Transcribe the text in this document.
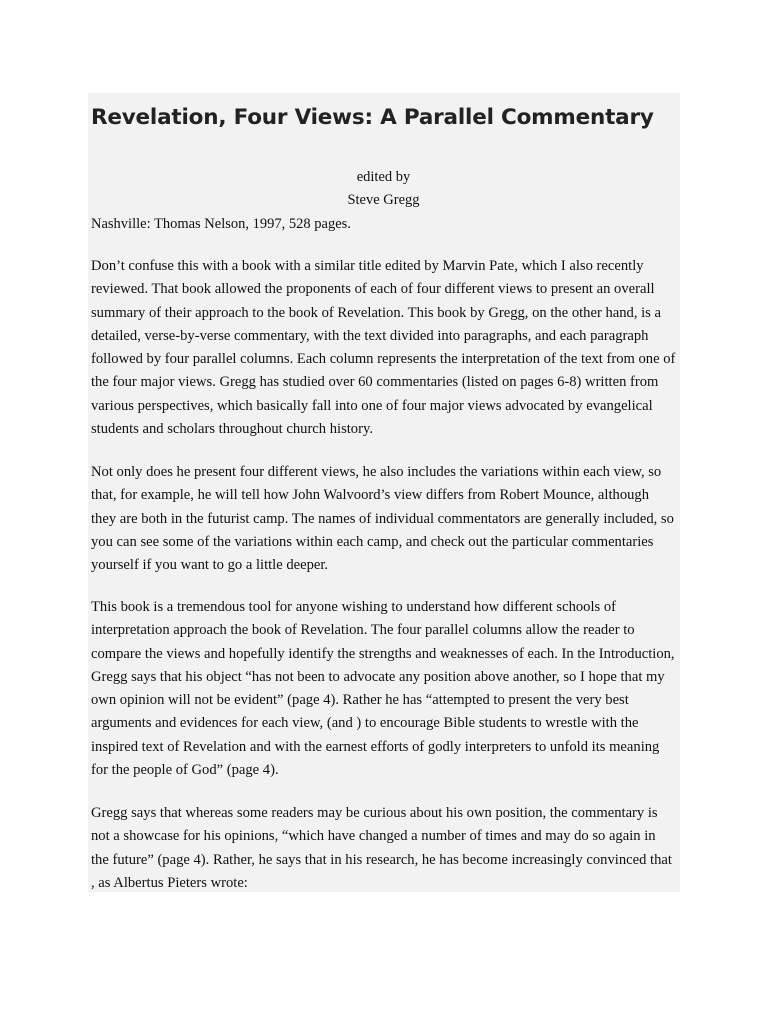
Revelation, Four Views: A Parallel Commentary
edited by
Steve Gregg
Nashville: Thomas Nelson, 1997, 528 pages.

Don’t confuse this with a book with a similar title edited by Marvin Pate, which I also recently reviewed. That book allowed the proponents of each of four different views to present an overall summary of their approach to the book of Revelation. This book by Gregg, on the other hand, is a detailed, verse-by-verse commentary, with the text divided into paragraphs, and each paragraph followed by four parallel columns. Each column represents the interpretation of the text from one of the four major views. Gregg has studied over 60 commentaries (listed on pages 6-8) written from various perspectives, which basically fall into one of four major views advocated by evangelical students and scholars throughout church history.

Not only does he present four different views, he also includes the variations within each view, so that, for example, he will tell how John Walvoord’s view differs from Robert Mounce, although they are both in the futurist camp. The names of individual commentators are generally included, so you can see some of the variations within each camp, and check out the particular commentaries yourself if you want to go a little deeper.

This book is a tremendous tool for anyone wishing to understand how different schools of interpretation approach the book of Revelation. The four parallel columns allow the reader to compare the views and hopefully identify the strengths and weaknesses of each. In the Introduction, Gregg says that his object “has not been to advocate any position above another, so I hope that my own opinion will not be evident” (page 4). Rather he has “attempted to present the very best arguments and evidences for each view, (and ) to encourage Bible students to wrestle with the inspired text of Revelation and with the earnest efforts of godly interpreters to unfold its meaning for the people of God” (page 4).

Gregg says that whereas some readers may be curious about his own position, the commentary is not a showcase for his opinions, “which have changed a number of times and may do so again in the future” (page 4). Rather, he says that in his research, he has become increasingly convinced that , as Albertus Pieters wrote:
